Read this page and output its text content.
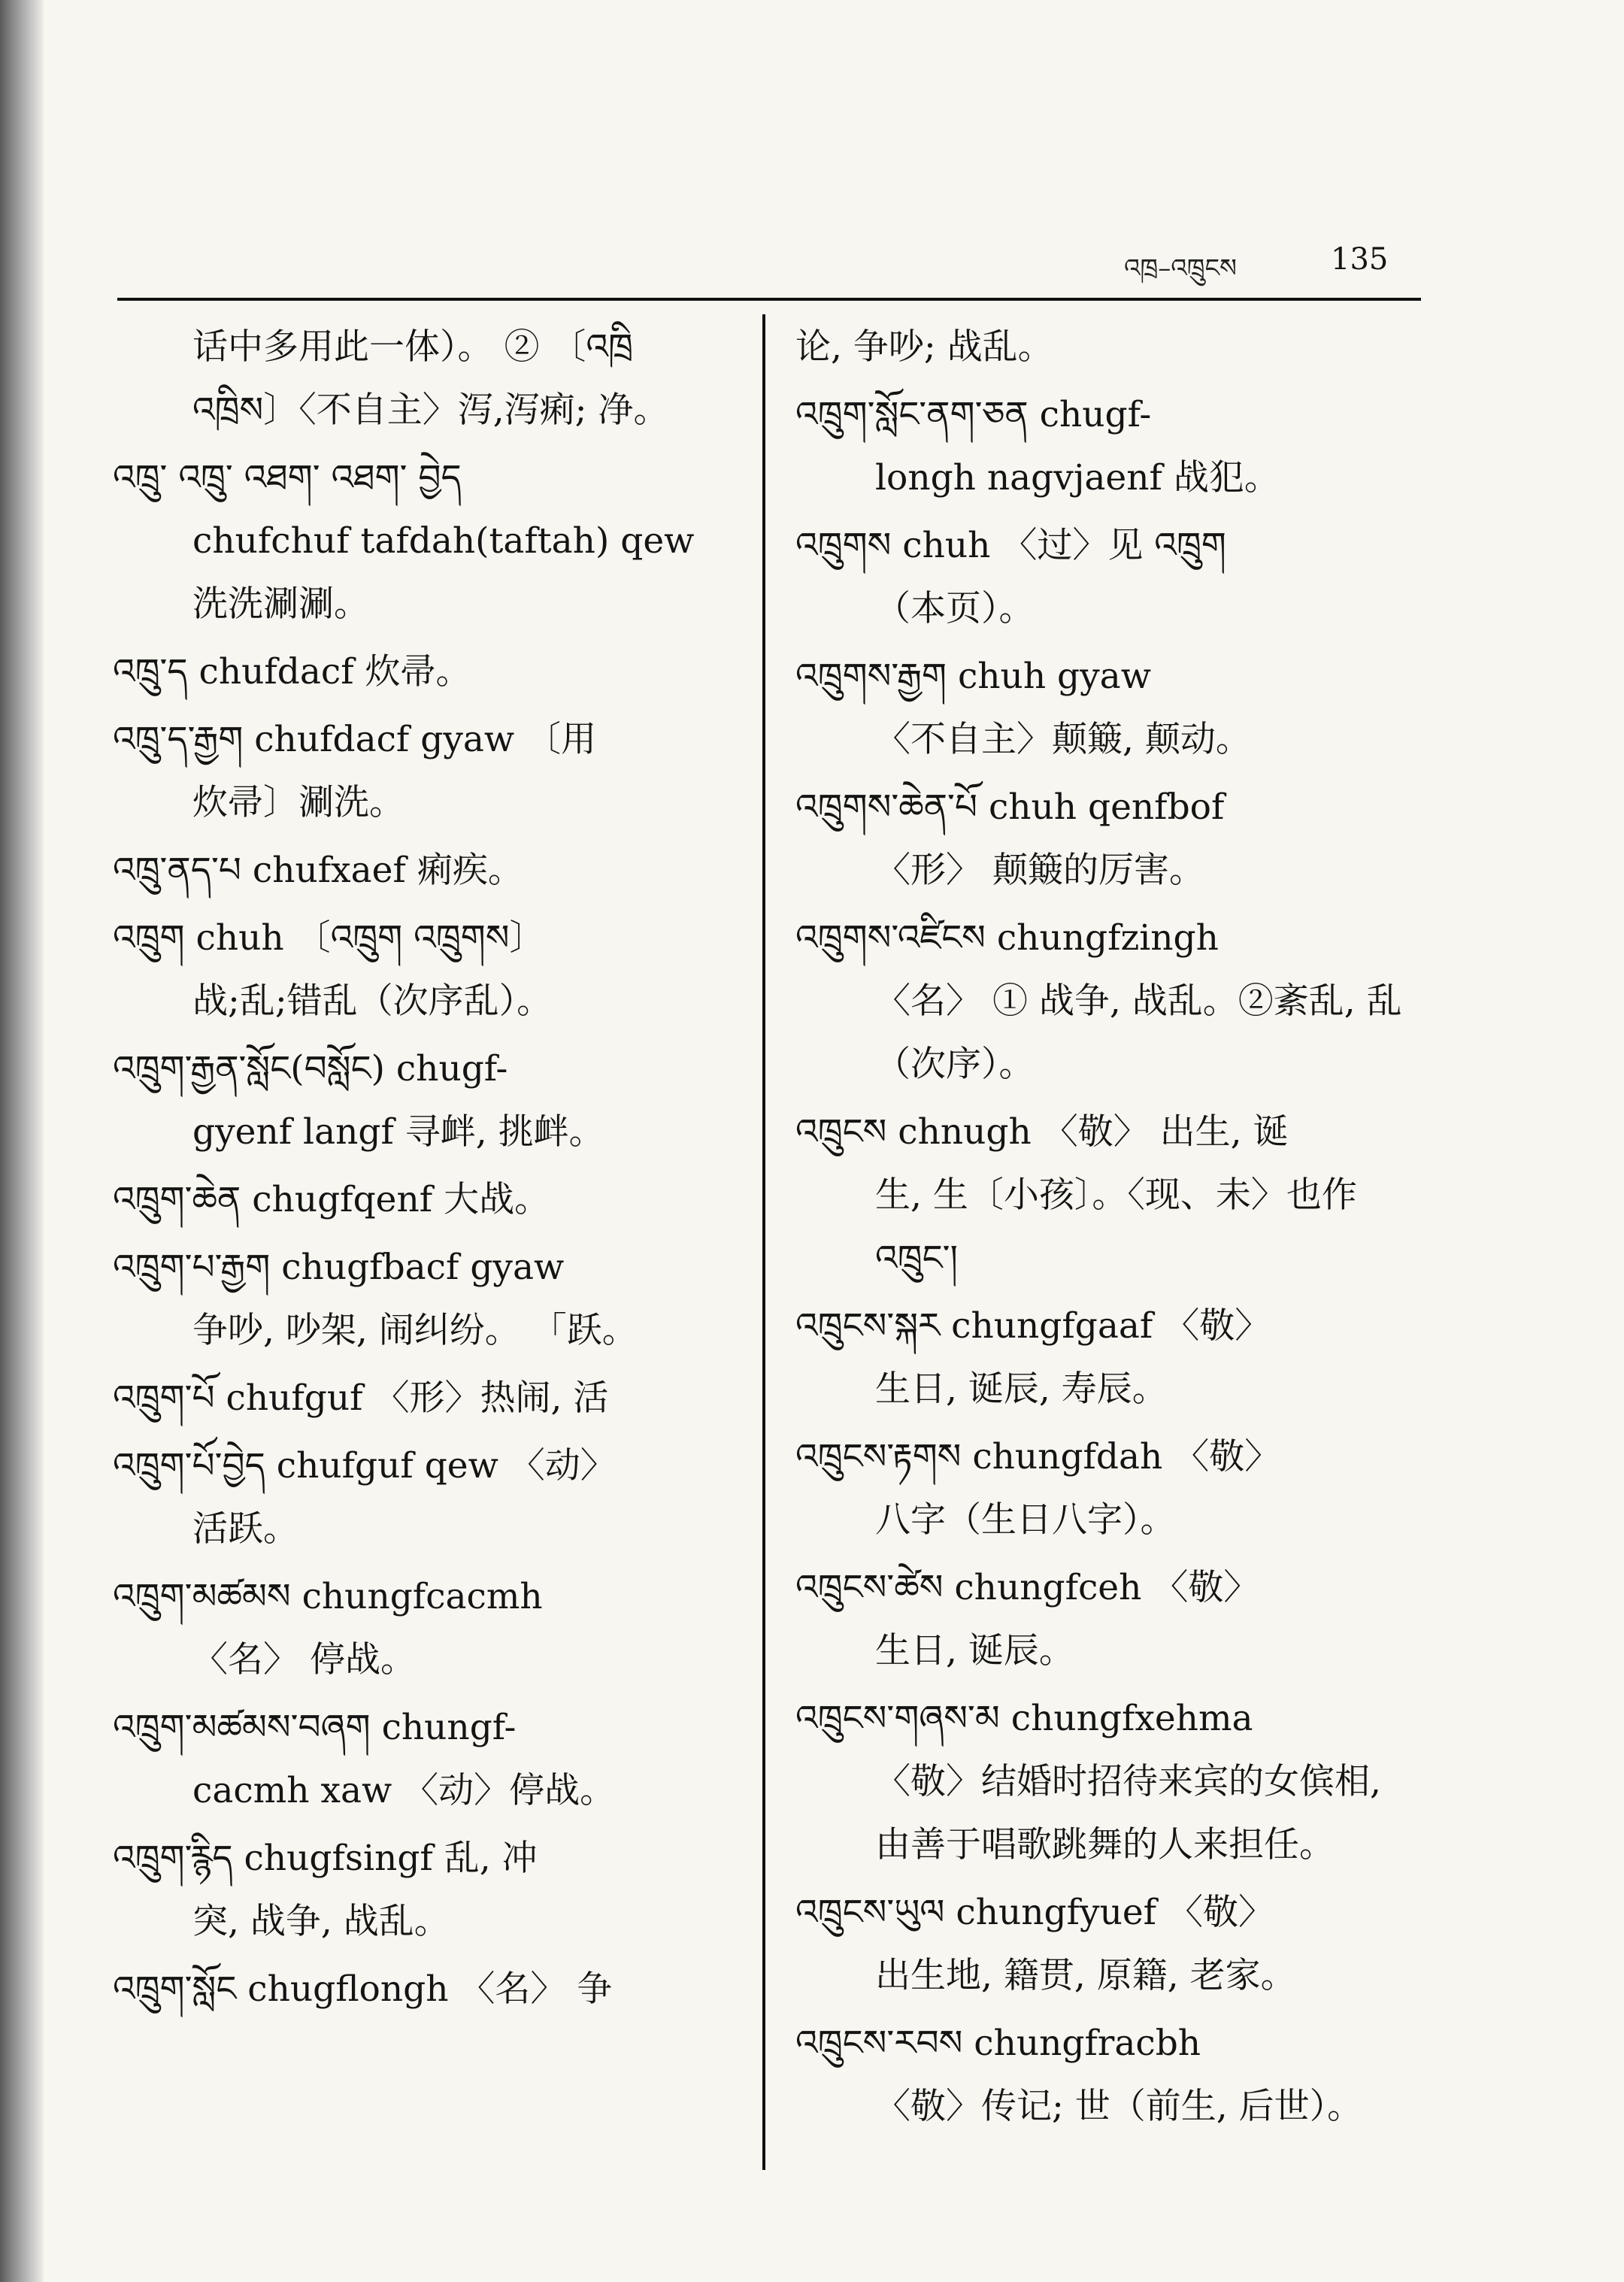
འཁྲ–འཁྲུངས	135
话中多用此一体）。 ② 〔འཁྲི
འཁྲིས〕〈不自主〉泻,泻痢; 净。
འཁྲུ་ འཁྲུ་ འཐག་ འཐག་ བྱེད
chufchuf tafdah(taftah) qew
洗洗涮涮。
འཁྲུ་ད chufdacf 炊帚。
འཁྲུ་ད་རྒྱག chufdacf gyaw 〔用
炊帚〕涮洗。
འཁྲུ་ནད་པ chufxaef 痢疾。
འཁྲུག chuh 〔འཁྲུག འཁྲུགས〕
战;乱;错乱（次序乱）。
འཁྲུག་རྒྱན་སློང(བསློང) chugf-
gyenf langf 寻衅, 挑衅。
འཁྲུག་ཆེན chugfqenf 大战。
འཁྲུག་པ་རྒྱག chugfbacf gyaw
争吵, 吵架, 闹纠纷。 「跃。
འཁྲུག་པོ chufguf 〈形〉热闹, 活
འཁྲུག་པོ་བྱེད chufguf qew 〈动〉
活跃。
འཁྲུག་མཚམས chungfcacmh
〈名〉 停战。
འཁྲུག་མཚམས་བཞག chungf-
cacmh xaw 〈动〉停战。
འཁྲུག་རྙིད chugfsingf 乱, 冲
突, 战争, 战乱。
འཁྲུག་སློང chugflongh 〈名〉 争
论, 争吵; 战乱。
འཁྲུག་སློང་ནག་ཅན chugf-
longh nagvjaenf 战犯。
འཁྲུགས chuh 〈过〉见 འཁྲུག
（本页）。
འཁྲུགས་རྒྱག chuh gyaw
〈不自主〉颠簸, 颠动。
འཁྲུགས་ཆེན་པོ chuh qenfbof
〈形〉 颠簸的厉害。
འཁྲུགས་འཛིངས chungfzingh
〈名〉 ① 战争, 战乱。②紊乱, 乱
（次序）。
འཁྲུངས chnugh 〈敬〉 出生, 诞
生, 生〔小孩〕。〈现、未〉也作
འཁྲུང་།
འཁྲུངས་སྐར chungfgaaf 〈敬〉
生日, 诞辰, 寿辰。
འཁྲུངས་རྟགས chungfdah 〈敬〉
八字（生日八字）。
འཁྲུངས་ཚེས chungfceh 〈敬〉
生日, 诞辰。
འཁྲུངས་གཞས་མ chungfxehma
〈敬〉结婚时招待来宾的女傧相,
由善于唱歌跳舞的人来担任。
འཁྲུངས་ཡུལ chungfyuef 〈敬〉
出生地, 籍贯, 原籍, 老家。
འཁྲུངས་རབས chungfracbh
〈敬〉传记; 世（前生, 后世）。
